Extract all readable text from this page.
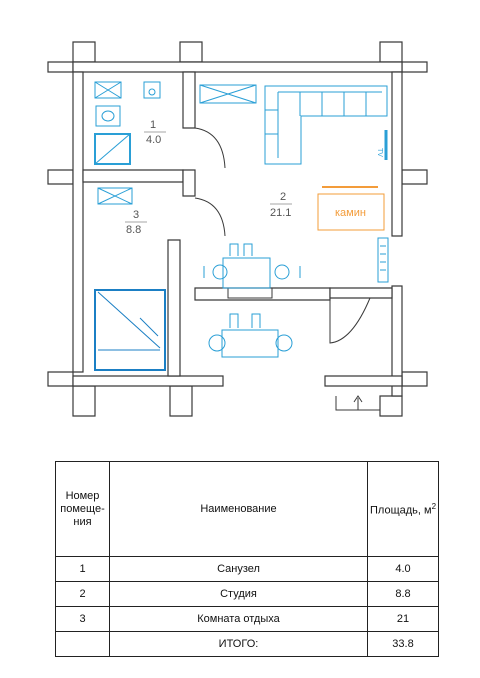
TV
камин
1
4.0
2
21.1
3
8.8
Номер помеще-ния	Наименование	Площадь, $м^2$
1	Санузел	4.0
2	Студия	8.8
3	Комната отдыха	21
	ИТОГО:	33.8
